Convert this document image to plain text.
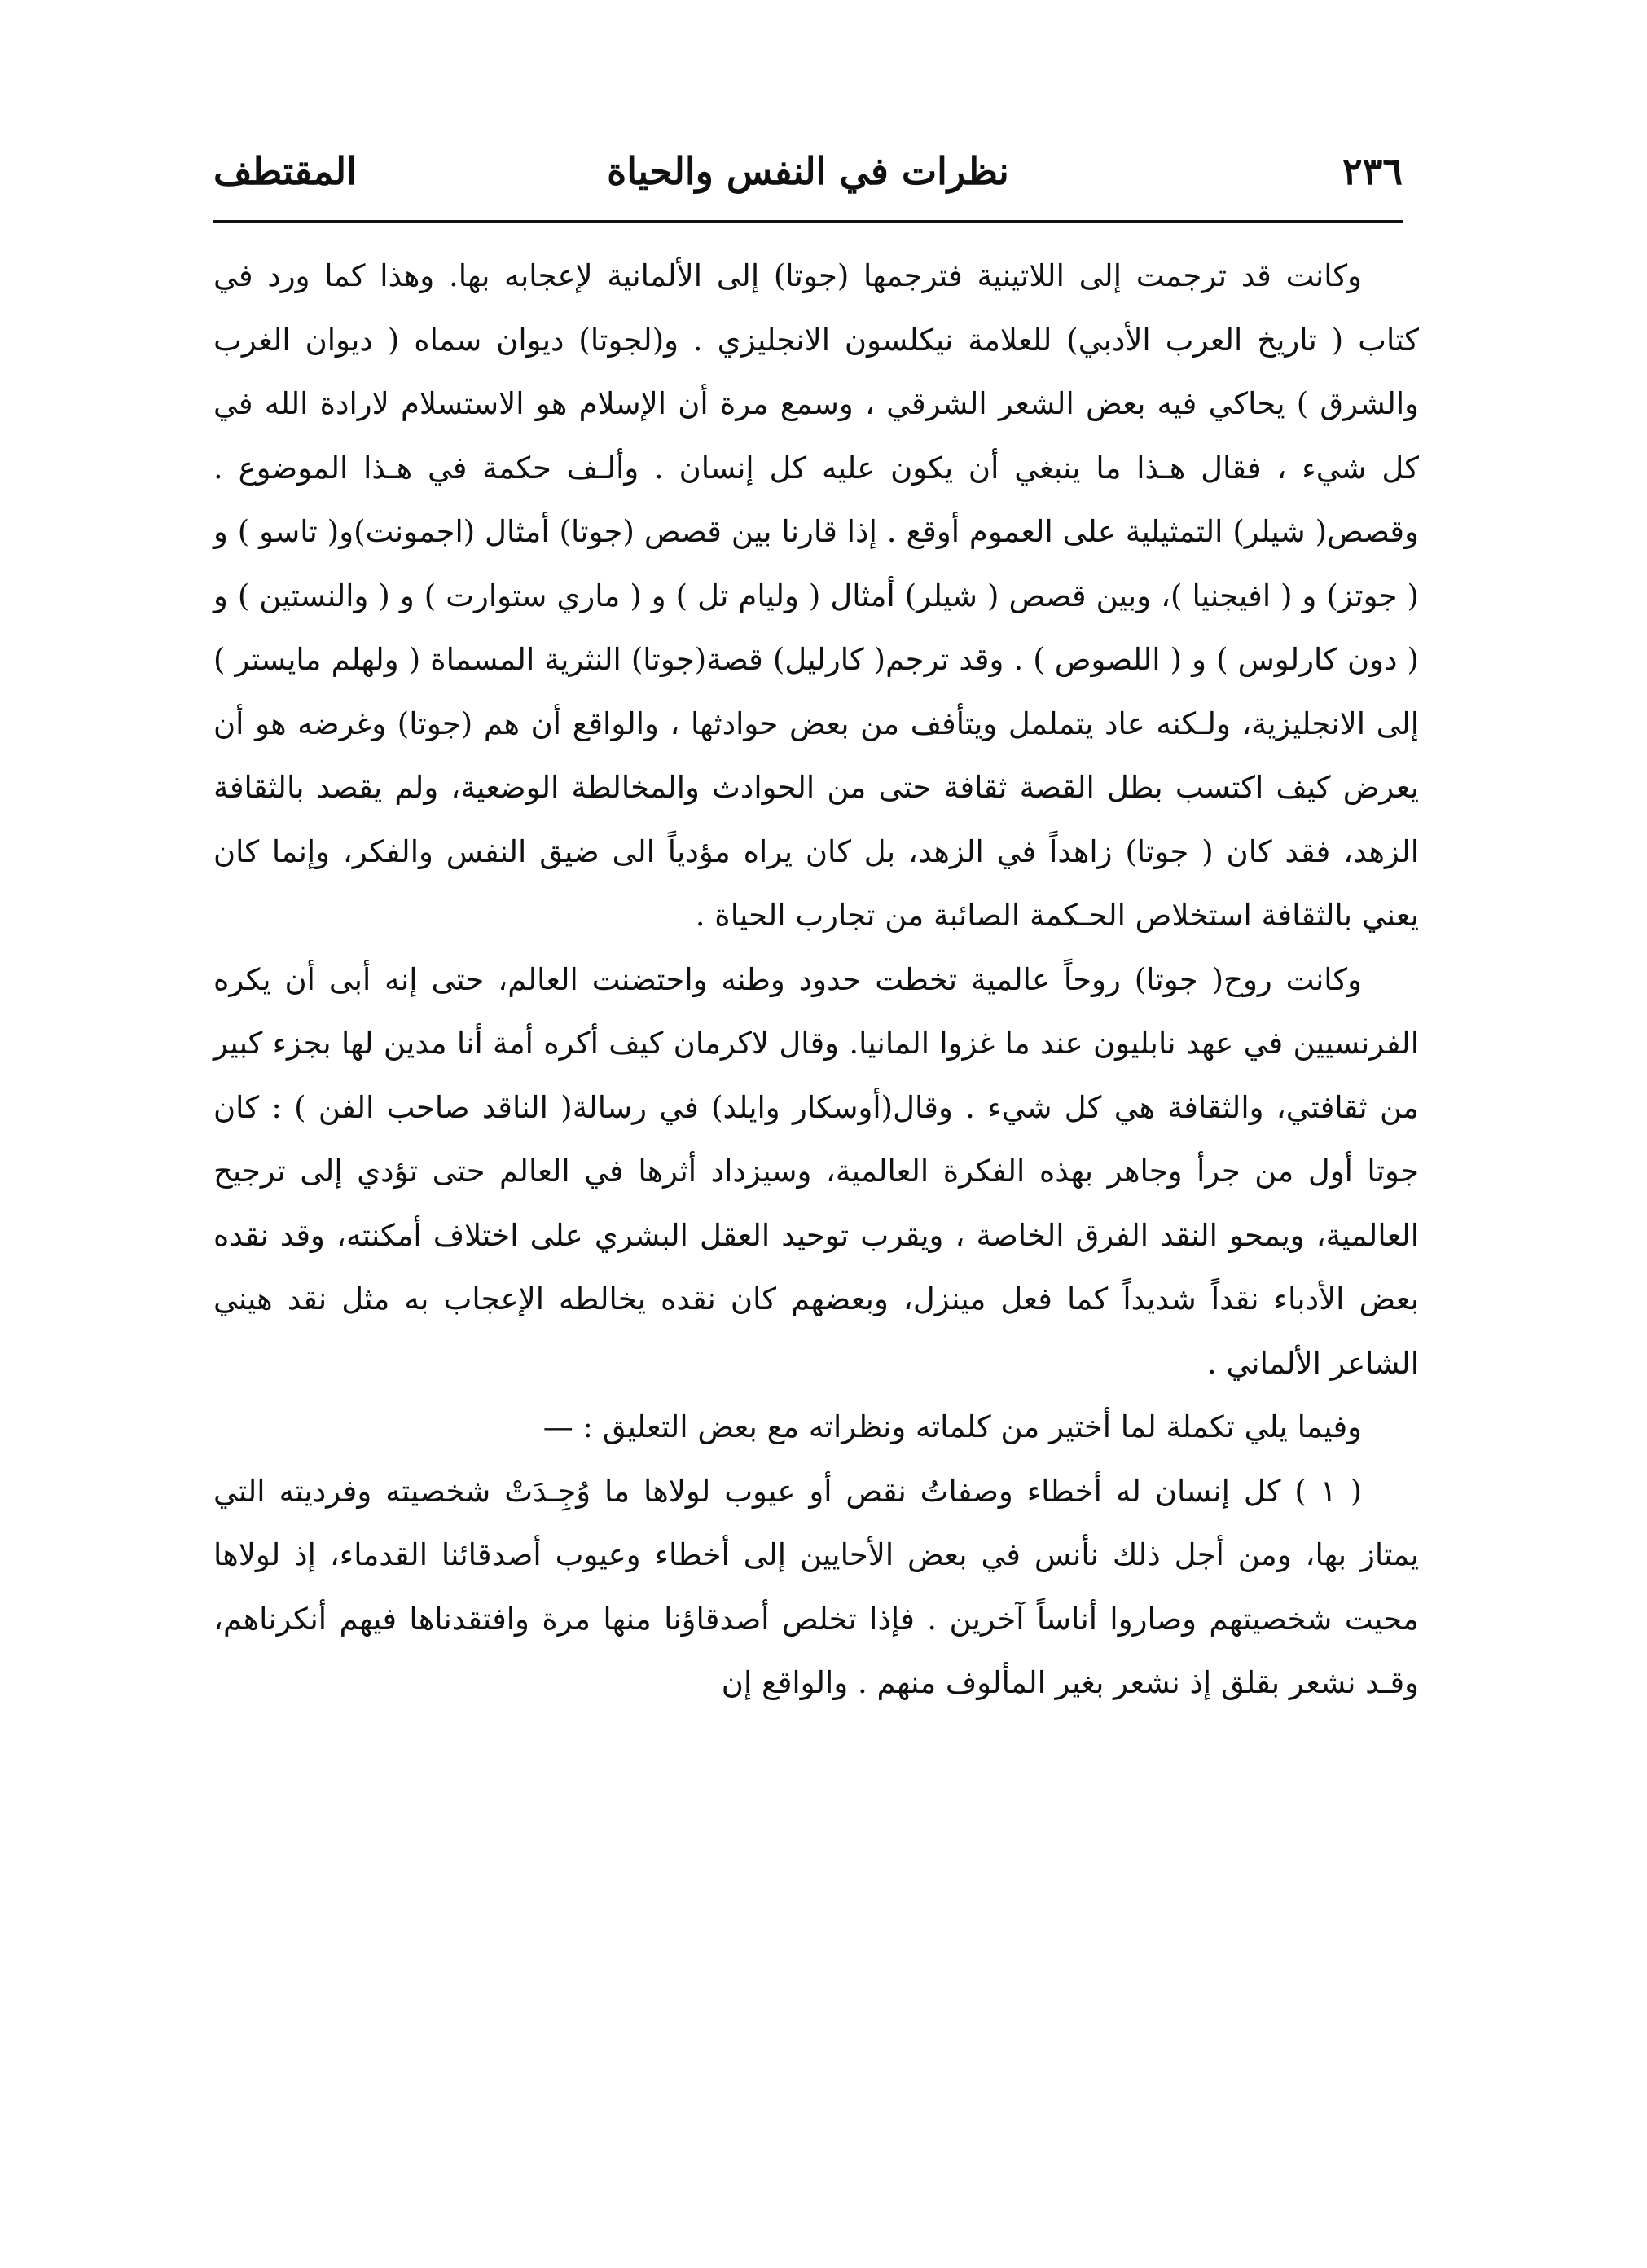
٢٣٦
نظرات في النفس والحياة
المقتطف

وكانت قد ترجمت إلى اللاتينية فترجمها (جوتا) إلى الألمانية لإعجابه بها. وهذا كما ورد في كتاب ( تاريخ العرب الأدبي) للعلامة نيكلسون الانجليزي . و(لجوتا) ديوان سماه ( ديوان الغرب والشرق ) يحاكي فيه بعض الشعر الشرقي ، وسمع مرة أن الإسلام هو الاستسلام لارادة الله في كل شيء ، فقال هـذا ما ينبغي أن يكون عليه كل إنسان . وألـف حكمة في هـذا الموضوع . وقصص( شيلر) التمثيلية على العموم أوقع . إذا قارنا بين قصص (جوتا) أمثال (اجمونت)و( تاسو ) و ( جوتز) و ( افيجنيا )، وبين قصص ( شيلر) أمثال ( وليام تل ) و ( ماري ستوارت ) و ( والنستين ) و ( دون كارلوس ) و ( اللصوص ) . وقد ترجم( كارليل) قصة(جوتا) النثرية المسماة ( ولهلم مايستر ) إلى الانجليزية، ولـكنه عاد يتململ ويتأفف من بعض حوادثها ، والواقع أن هم (جوتا) وغرضه هو أن يعرض كيف اكتسب بطل القصة ثقافة حتى من الحوادث والمخالطة الوضعية، ولم يقصد بالثقافة الزهد، فقد كان ( جوتا) زاهداً في الزهد، بل كان يراه مؤدياً الى ضيق النفس والفكر، وإنما كان يعني بالثقافة استخلاص الحـكمة الصائبة من تجارب الحياة .

وكانت روح( جوتا) روحاً عالمية تخطت حدود وطنه واحتضنت العالم، حتى إنه أبى أن يكره الفرنسيين في عهد نابليون عند ما غزوا المانيا. وقال لاكرمان كيف أكره أمة أنا مدين لها بجزء كبير من ثقافتي، والثقافة هي كل شيء . وقال(أوسكار وايلد) في رسالة( الناقد صاحب الفن ) : كان جوتا أول من جرأ وجاهر بهذه الفكرة العالمية، وسيزداد أثرها في العالم حتى تؤدي إلى ترجيح العالمية، ويمحو النقد الفرق الخاصة ، ويقرب توحيد العقل البشري على اختلاف أمكنته، وقد نقده بعض الأدباء نقداً شديداً كما فعل مينزل، وبعضهم كان نقده يخالطه الإعجاب به مثل نقد هيني الشاعر الألماني .

وفيما يلي تكملة لما أختير من كلماته ونظراته مع بعض التعليق : —

( ١ ) كل إنسان له أخطاء وصفاتُ نقص أو عيوب لولاها ما وُجِـدَتْ شخصيته وفرديته التي يمتاز بها، ومن أجل ذلك نأنس في بعض الأحايين إلى أخطاء وعيوب أصدقائنا القدماء، إذ لولاها محيت شخصيتهم وصاروا أناساً آخرين . فإذا تخلص أصدقاؤنا منها مرة وافتقدناها فيهم أنكرناهم، وقـد نشعر بقلق إذ نشعر بغير المألوف منهم . والواقع إن
